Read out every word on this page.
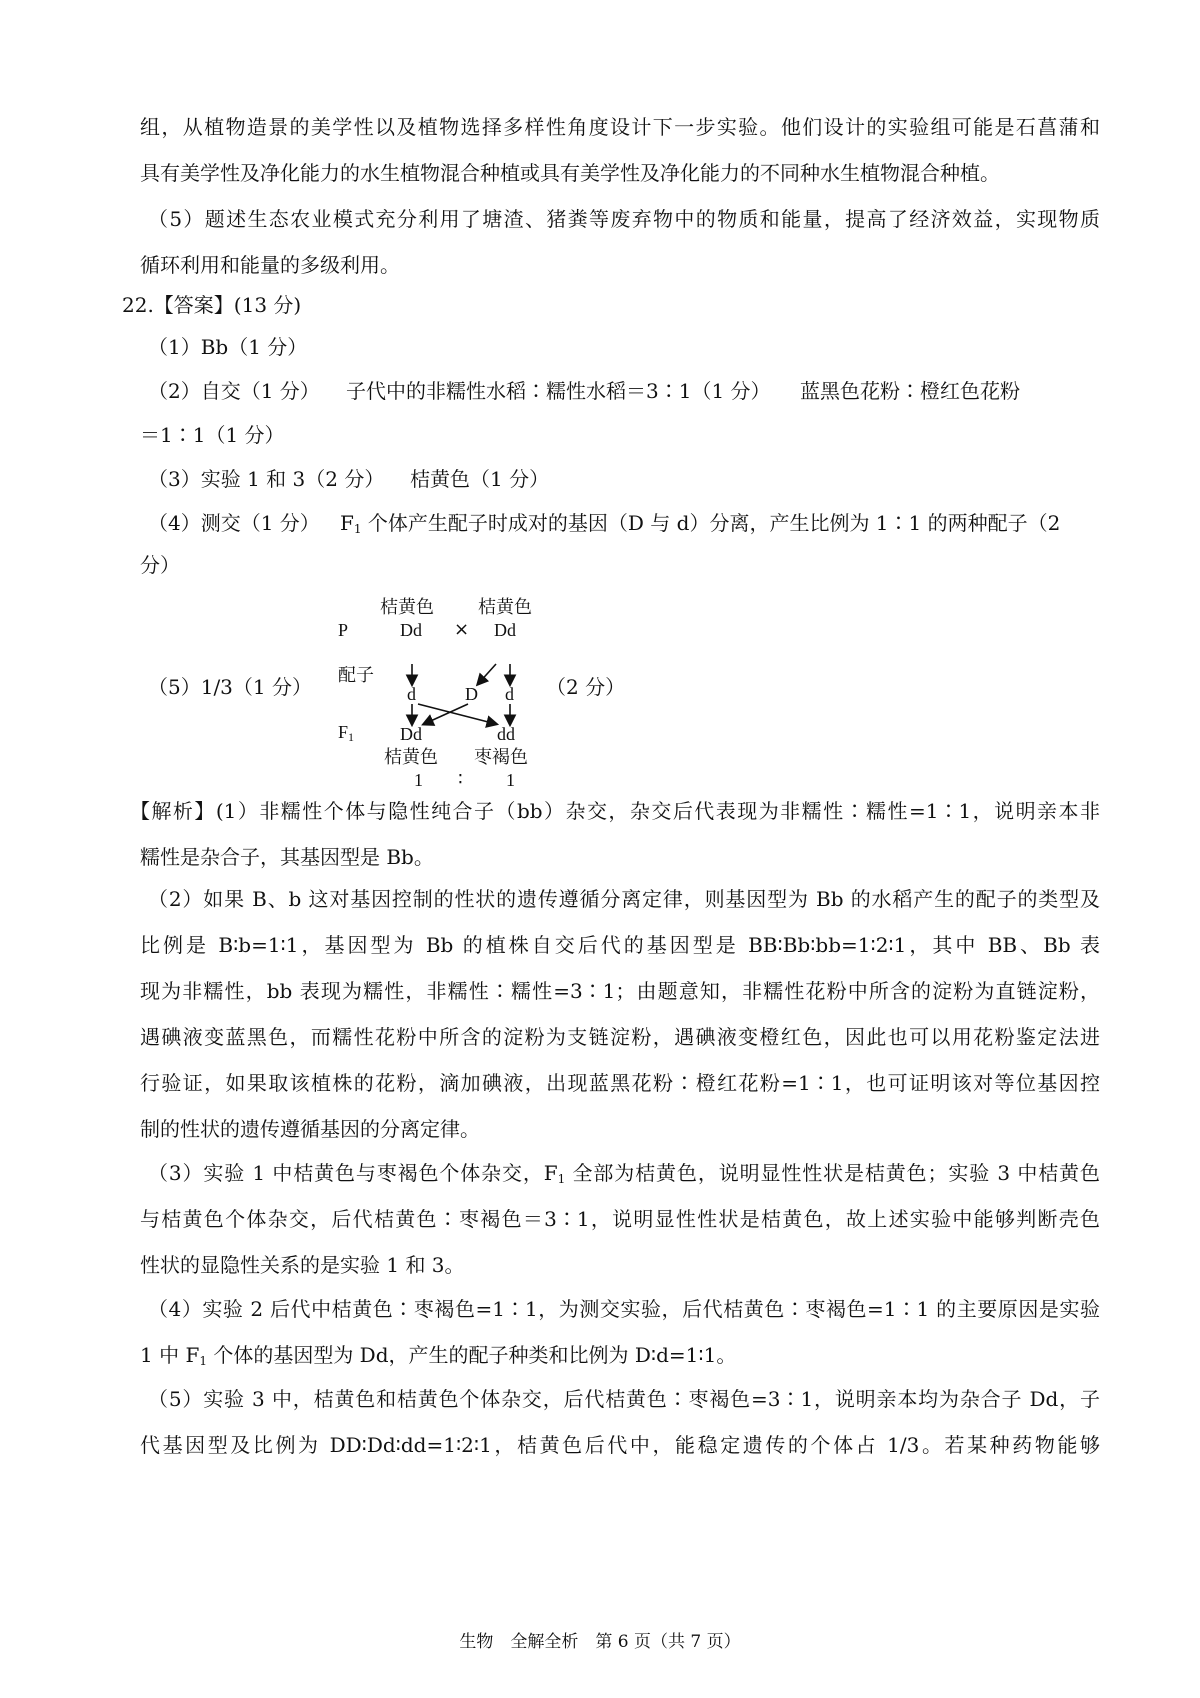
组，从植物造景的美学性以及植物选择多样性角度设计下一步实验。他们设计的实验组可能是石菖蒲和
具有美学性及净化能力的水生植物混合种植或具有美学性及净化能力的不同种水生植物混合种植。
（5）题述生态农业模式充分利用了塘渣、猪粪等废弃物中的物质和能量，提高了经济效益，实现物质
循环利用和能量的多级利用。
22.【答案】(13 分)
（1）Bb（1 分）
（2）自交（1 分） 子代中的非糯性水稻∶糯性水稻＝3∶1（1 分） 蓝黑色花粉∶橙红色花粉
＝1∶1（1 分）
（3）实验 1 和 3（2 分） 桔黄色（1 分）
（4）测交（1 分） $F_1$ 个体产生配子时成对的基因（D 与 d）分离，产生比例为 1∶1 的两种配子（2
分）
（5）1/3（1 分）	（2 分）
桔黄色 桔黄色
P	Dd × Dd
配子
d	D d
$F_1$	Dd	dd
桔黄色 枣褐色
1 ∶ 1
【解析】(1）非糯性个体与隐性纯合子（bb）杂交，杂交后代表现为非糯性∶糯性=1∶1，说明亲本非
糯性是杂合子，其基因型是 Bb。
（2）如果 B、b 这对基因控制的性状的遗传遵循分离定律，则基因型为 Bb 的水稻产生的配子的类型及
比例是 B∶b=1∶1，基因型为 Bb 的植株自交后代的基因型是 BB∶Bb∶bb=1∶2∶1，其中 BB、Bb 表
现为非糯性，bb 表现为糯性，非糯性∶糯性=3∶1；由题意知，非糯性花粉中所含的淀粉为直链淀粉，
遇碘液变蓝黑色，而糯性花粉中所含的淀粉为支链淀粉，遇碘液变橙红色，因此也可以用花粉鉴定法进
行验证，如果取该植株的花粉，滴加碘液，出现蓝黑花粉∶橙红花粉=1∶1，也可证明该对等位基因控
制的性状的遗传遵循基因的分离定律。
（3）实验 1 中桔黄色与枣褐色个体杂交，$F_1$ 全部为桔黄色，说明显性性状是桔黄色；实验 3 中桔黄色
与桔黄色个体杂交，后代桔黄色∶枣褐色＝3∶1，说明显性性状是桔黄色，故上述实验中能够判断壳色
性状的显隐性关系的是实验 1 和 3。
（4）实验 2 后代中桔黄色∶枣褐色=1∶1，为测交实验，后代桔黄色∶枣褐色=1∶1 的主要原因是实验
1 中 $F_1$ 个体的基因型为 Dd，产生的配子种类和比例为 D∶d=1∶1。
（5）实验 3 中，桔黄色和桔黄色个体杂交，后代桔黄色∶枣褐色=3∶1，说明亲本均为杂合子 Dd，子
代基因型及比例为 DD∶Dd∶dd=1∶2∶1，桔黄色后代中，能稳定遗传的个体占 1/3。若某种药物能够
生物　全解全析　第 6 页（共 7 页）
